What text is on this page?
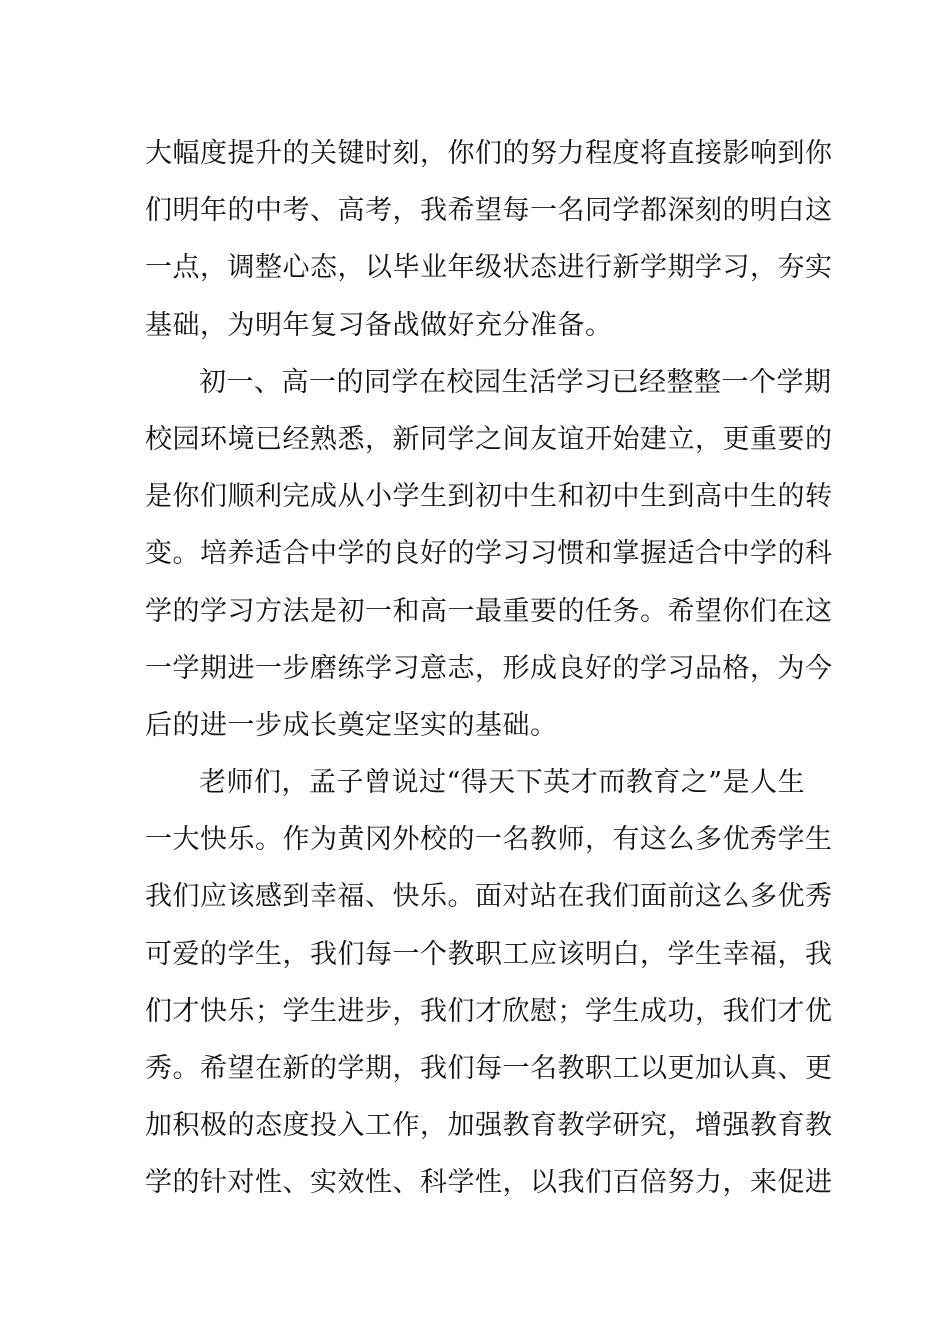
大幅度提升的关键时刻，你们的努力程度将直接影响到你
们明年的中考、高考，我希望每一名同学都深刻的明白这
一点，调整心态，以毕业年级状态进行新学期学习，夯实
基础，为明年复习备战做好充分准备。
初一、高一的同学在校园生活学习已经整整一个学期
校园环境已经熟悉，新同学之间友谊开始建立，更重要的
是你们顺利完成从小学生到初中生和初中生到高中生的转
变。培养适合中学的良好的学习习惯和掌握适合中学的科
学的学习方法是初一和高一最重要的任务。希望你们在这
一学期进一步磨练学习意志，形成良好的学习品格，为今
后的进一步成长奠定坚实的基础。
老师们，孟子曾说过“得天下英才而教育之”是人生
一大快乐。作为黄冈外校的一名教师，有这么多优秀学生
我们应该感到幸福、快乐。面对站在我们面前这么多优秀
可爱的学生，我们每一个教职工应该明白，学生幸福，我
们才快乐；学生进步，我们才欣慰；学生成功，我们才优
秀。希望在新的学期，我们每一名教职工以更加认真、更
加积极的态度投入工作，加强教育教学研究，增强教育教
学的针对性、实效性、科学性，以我们百倍努力，来促进
